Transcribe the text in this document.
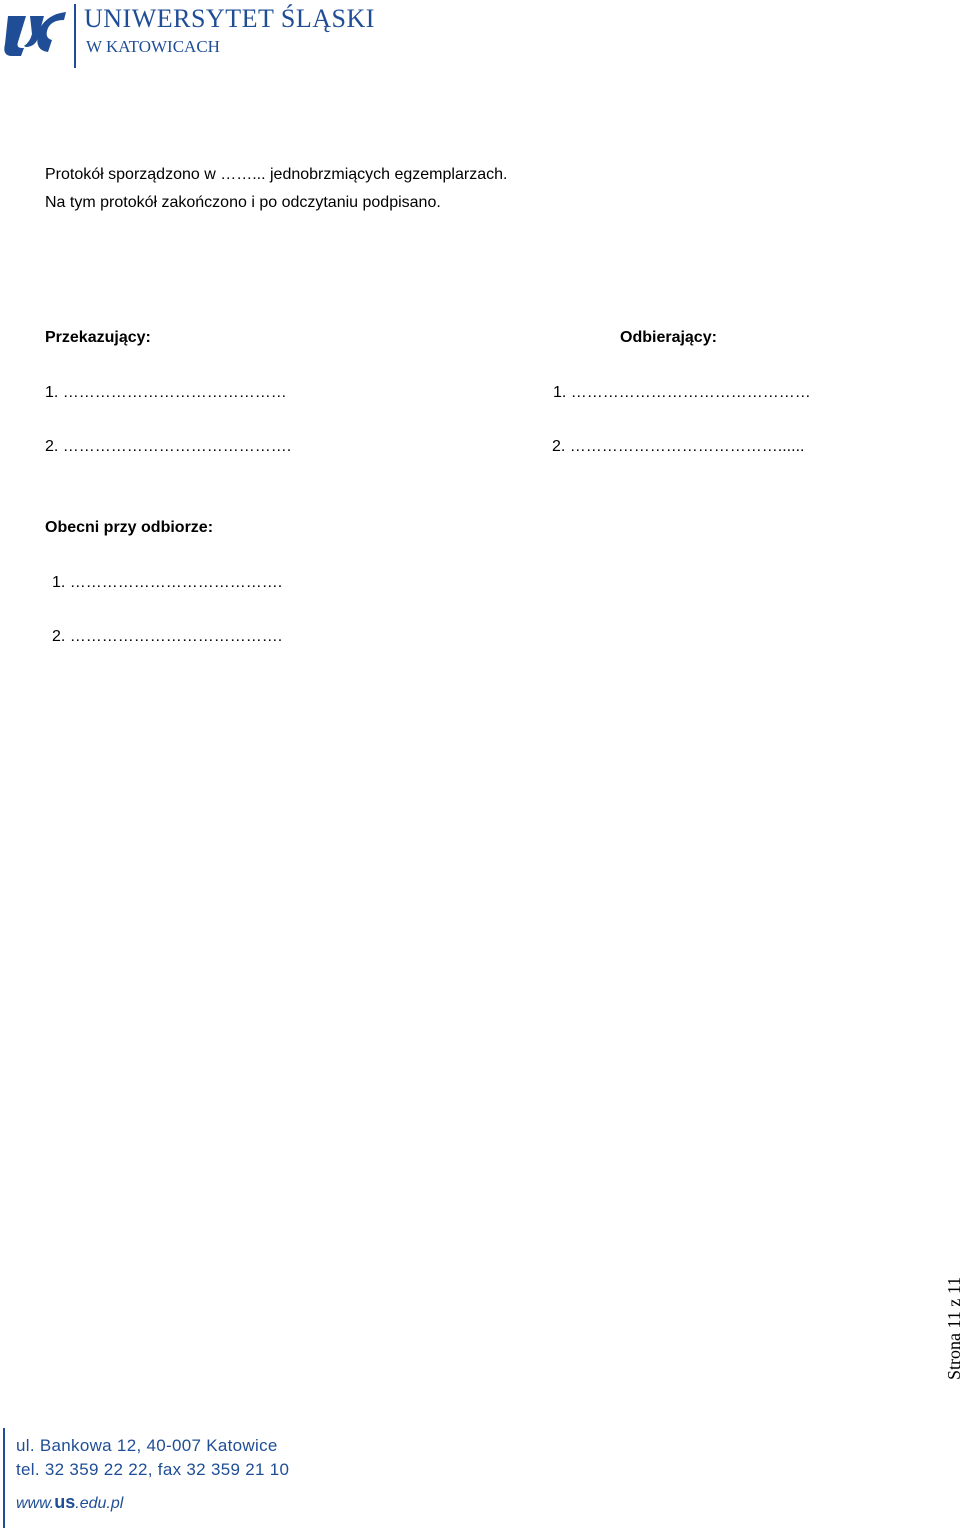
UNIWERSYTET ŚLĄSKI
W KATOWICACH
Protokół sporządzono w ……... jednobrzmiących egzemplarzach.
Na tym protokół zakończono i po odczytaniu podpisano.
Przekazujący:	Odbierający:
1. ……………………………………	1. ………………………………………
2. …………………………………….	2. …………………………………......
Obecni przy odbiorze:
1. ………………………………….
2. ………………………………….
Strona 11 z 11
ul. Bankowa 12, 40-007 Katowice
tel. 32 359 22 22, fax 32 359 21 10
www.us.edu.pl
